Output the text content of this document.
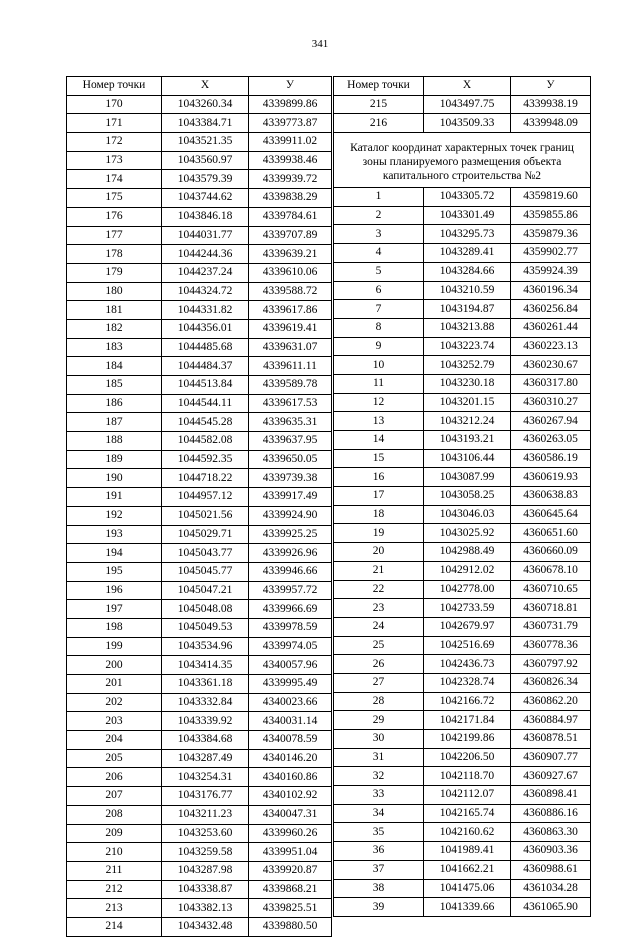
341
Номер точки	X	У
170	1043260.34	4339899.86
171	1043384.71	4339773.87
172	1043521.35	4339911.02
173	1043560.97	4339938.46
174	1043579.39	4339939.72
175	1043744.62	4339838.29
176	1043846.18	4339784.61
177	1044031.77	4339707.89
178	1044244.36	4339639.21
179	1044237.24	4339610.06
180	1044324.72	4339588.72
181	1044331.82	4339617.86
182	1044356.01	4339619.41
183	1044485.68	4339631.07
184	1044484.37	4339611.11
185	1044513.84	4339589.78
186	1044544.11	4339617.53
187	1044545.28	4339635.31
188	1044582.08	4339637.95
189	1044592.35	4339650.05
190	1044718.22	4339739.38
191	1044957.12	4339917.49
192	1045021.56	4339924.90
193	1045029.71	4339925.25
194	1045043.77	4339926.96
195	1045045.77	4339946.66
196	1045047.21	4339957.72
197	1045048.08	4339966.69
198	1045049.53	4339978.59
199	1043534.96	4339974.05
200	1043414.35	4340057.96
201	1043361.18	4339995.49
202	1043332.84	4340023.66
203	1043339.92	4340031.14
204	1043384.68	4340078.59
205	1043287.49	4340146.20
206	1043254.31	4340160.86
207	1043176.77	4340102.92
208	1043211.23	4340047.31
209	1043253.60	4339960.26
210	1043259.58	4339951.04
211	1043287.98	4339920.87
212	1043338.87	4339868.21
213	1043382.13	4339825.51
214	1043432.48	4339880.50
Номер точки	X	У
215	1043497.75	4339938.19
216	1043509.33	4339948.09
Каталог координат характерных точек границ зоны планируемого размещения объекта капитального строительства №2		
1	1043305.72	4359819.60
2	1043301.49	4359855.86
3	1043295.73	4359879.36
4	1043289.41	4359902.77
5	1043284.66	4359924.39
6	1043210.59	4360196.34
7	1043194.87	4360256.84
8	1043213.88	4360261.44
9	1043223.74	4360223.13
10	1043252.79	4360230.67
11	1043230.18	4360317.80
12	1043201.15	4360310.27
13	1043212.24	4360267.94
14	1043193.21	4360263.05
15	1043106.44	4360586.19
16	1043087.99	4360619.93
17	1043058.25	4360638.83
18	1043046.03	4360645.64
19	1043025.92	4360651.60
20	1042988.49	4360660.09
21	1042912.02	4360678.10
22	1042778.00	4360710.65
23	1042733.59	4360718.81
24	1042679.97	4360731.79
25	1042516.69	4360778.36
26	1042436.73	4360797.92
27	1042328.74	4360826.34
28	1042166.72	4360862.20
29	1042171.84	4360884.97
30	1042199.86	4360878.51
31	1042206.50	4360907.77
32	1042118.70	4360927.67
33	1042112.07	4360898.41
34	1042165.74	4360886.16
35	1042160.62	4360863.30
36	1041989.41	4360903.36
37	1041662.21	4360988.61
38	1041475.06	4361034.28
39	1041339.66	4361065.90
